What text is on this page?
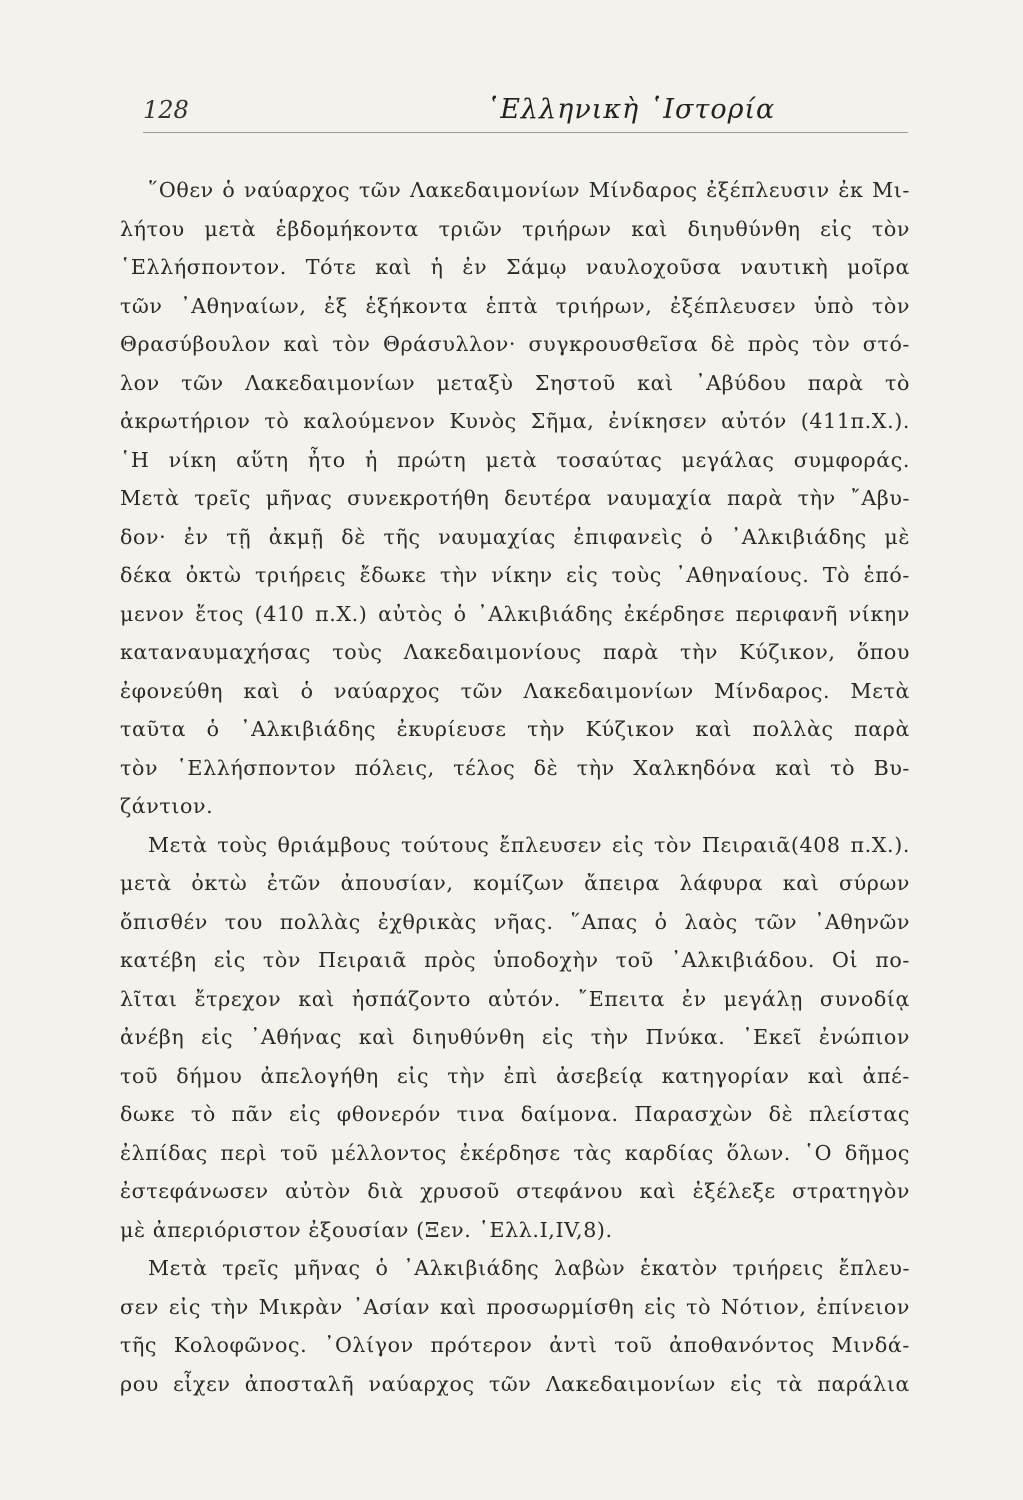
128	῾Ελληνικὴ ῾Ιστορία
῞Οθεν ὁ ναύαρχος τῶν Λακεδαιμονίων Μίνδαρος ἐξέπλευσιν ἐκ Μι-
λήτου μετὰ ἑβδομήκοντα τριῶν τριήρων καὶ διηυθύνθη εἰς τὸν
῾Ελλήσποντον. Τότε καὶ ἡ ἐν Σάμῳ ναυλοχοῦσα ναυτικὴ μοῖρα
τῶν ᾿Αθηναίων, ἐξ ἑξήκοντα ἑπτὰ τριήρων, ἐξέπλευσεν ὑπὸ τὸν
Θρασύβουλον καὶ τὸν Θράσυλλον· συγκρουσθεῖσα δὲ πρὸς τὸν στό-
λον τῶν Λακεδαιμονίων μεταξὺ Σηστοῦ καὶ ᾿Αβύδου παρὰ τὸ
ἀκρωτήριον τὸ καλούμενον Κυνὸς Σῆμα, ἐνίκησεν αὐτόν (411π.Χ.).
῾Η νίκη αὕτη ἦτο ἡ πρώτη μετὰ τοσαύτας μεγάλας συμφοράς.
Μετὰ τρεῖς μῆνας συνεκροτήθη δευτέρα ναυμαχία παρὰ τὴν ῎Αβυ-
δον· ἐν τῇ ἀκμῇ δὲ τῆς ναυμαχίας ἐπιφανεὶς ὁ ᾿Αλκιβιάδης μὲ
δέκα ὀκτὼ τριήρεις ἔδωκε τὴν νίκην εἰς τοὺς ᾿Αθηναίους. Τὸ ἑπό-
μενον ἔτος (410 π.Χ.) αὐτὸς ὁ ᾿Αλκιβιάδης ἐκέρδησε περιφανῆ νίκην
καταναυμαχήσας τοὺς Λακεδαιμονίους παρὰ τὴν Κύζικον, ὅπου
ἐφονεύθη καὶ ὁ ναύαρχος τῶν Λακεδαιμονίων Μίνδαρος. Μετὰ
ταῦτα ὁ ᾿Αλκιβιάδης ἐκυρίευσε τὴν Κύζικον καὶ πολλὰς παρὰ
τὸν ῾Ελλήσποντον πόλεις, τέλος δὲ τὴν Χαλκηδόνα καὶ τὸ Βυ-
ζάντιον.
Μετὰ τοὺς θριάμβους τούτους ἔπλευσεν εἰς τὸν Πειραιᾶ(408 π.Χ.).
μετὰ ὀκτὼ ἐτῶν ἀπουσίαν, κομίζων ἄπειρα λάφυρα καὶ σύρων
ὄπισθέν του πολλὰς ἐχθρικὰς νῆας. ῞Απας ὁ λαὸς τῶν ᾿Αθηνῶν
κατέβη εἰς τὸν Πειραιᾶ πρὸς ὑποδοχὴν τοῦ ᾿Αλκιβιάδου. Οἱ πο-
λῖται ἔτρεχον καὶ ἠσπάζοντο αὐτόν. ῎Επειτα ἐν μεγάλῃ συνοδίᾳ
ἀνέβη εἰς ᾿Αθήνας καὶ διηυθύνθη εἰς τὴν Πνύκα. ᾿Εκεῖ ἐνώπιον
τοῦ δήμου ἀπελογήθη εἰς τὴν ἐπὶ ἀσεβείᾳ κατηγορίαν καὶ ἀπέ-
δωκε τὸ πᾶν εἰς φθονερόν τινα δαίμονα. Παρασχὼν δὲ πλείστας
ἐλπίδας περὶ τοῦ μέλλοντος ἐκέρδησε τὰς καρδίας ὅλων. ῾Ο δῆμος
ἐστεφάνωσεν αὐτὸν διὰ χρυσοῦ στεφάνου καὶ ἐξέλεξε στρατηγὸν
μὲ ἀπεριόριστον ἐξουσίαν (Ξεν. ῾Ελλ.I,IV,8).
Μετὰ τρεῖς μῆνας ὁ ᾿Αλκιβιάδης λαβὼν ἑκατὸν τριήρεις ἔπλευ-
σεν εἰς τὴν Μικρὰν ᾿Ασίαν καὶ προσωρμίσθη εἰς τὸ Νότιον, ἐπίνειον
τῆς Κολοφῶνος. ᾿Ολίγον πρότερον ἀντὶ τοῦ ἀποθανόντος Μινδά-
ρου εἶχεν ἀποσταλῆ ναύαρχος τῶν Λακεδαιμονίων εἰς τὰ παράλια
